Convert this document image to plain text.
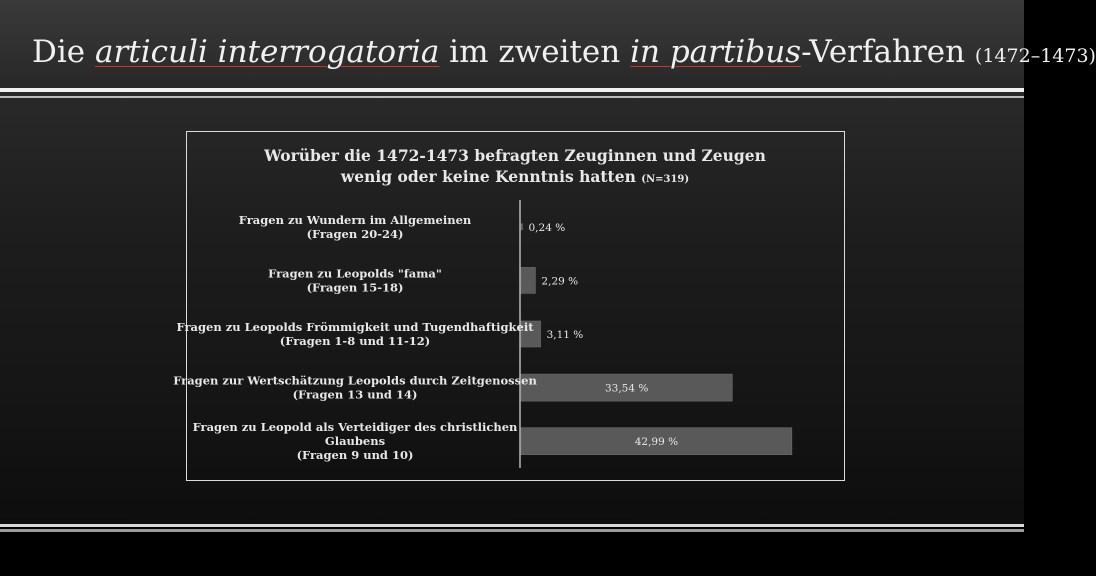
Die articuli interrogatoria im zweiten in partibus-Verfahren (1472–1473)
Worüber die 1472-1473 befragten Zeuginnen und Zeugen
wenig oder keine Kenntnis hatten (N=319)
0,24 %
Fragen zu Wundern im Allgemeinen (Fragen 20-24)
2,29 %
Fragen zu Leopolds "fama" (Fragen 15-18)
3,11 %
Fragen zu Leopolds Frömmigkeit und Tugendhaftigkeit (Fragen 1-8 und 11-12)
33,54 %
Fragen zur Wertschätzung Leopolds durch Zeitgenossen (Fragen 13 und 14)
42,99 %
Fragen zu Leopold als Verteidiger des christlichen Glaubens (Fragen 9 und 10)
